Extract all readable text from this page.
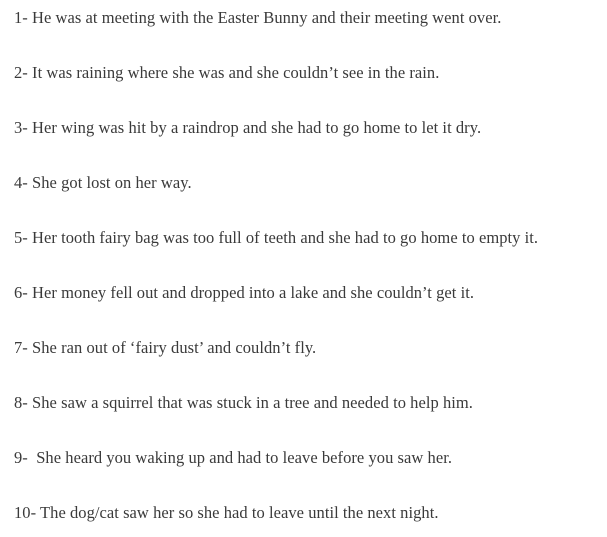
1- He was at meeting with the Easter Bunny and their meeting went over.
2- It was raining where she was and she couldn’t see in the rain.
3- Her wing was hit by a raindrop and she had to go home to let it dry.
4- She got lost on her way.
5- Her tooth fairy bag was too full of teeth and she had to go home to empty it.
6- Her money fell out and dropped into a lake and she couldn’t get it.
7- She ran out of ‘fairy dust’ and couldn’t fly.
8- She saw a squirrel that was stuck in a tree and needed to help him.
9-  She heard you waking up and had to leave before you saw her.
10- The dog/cat saw her so she had to leave until the next night.
